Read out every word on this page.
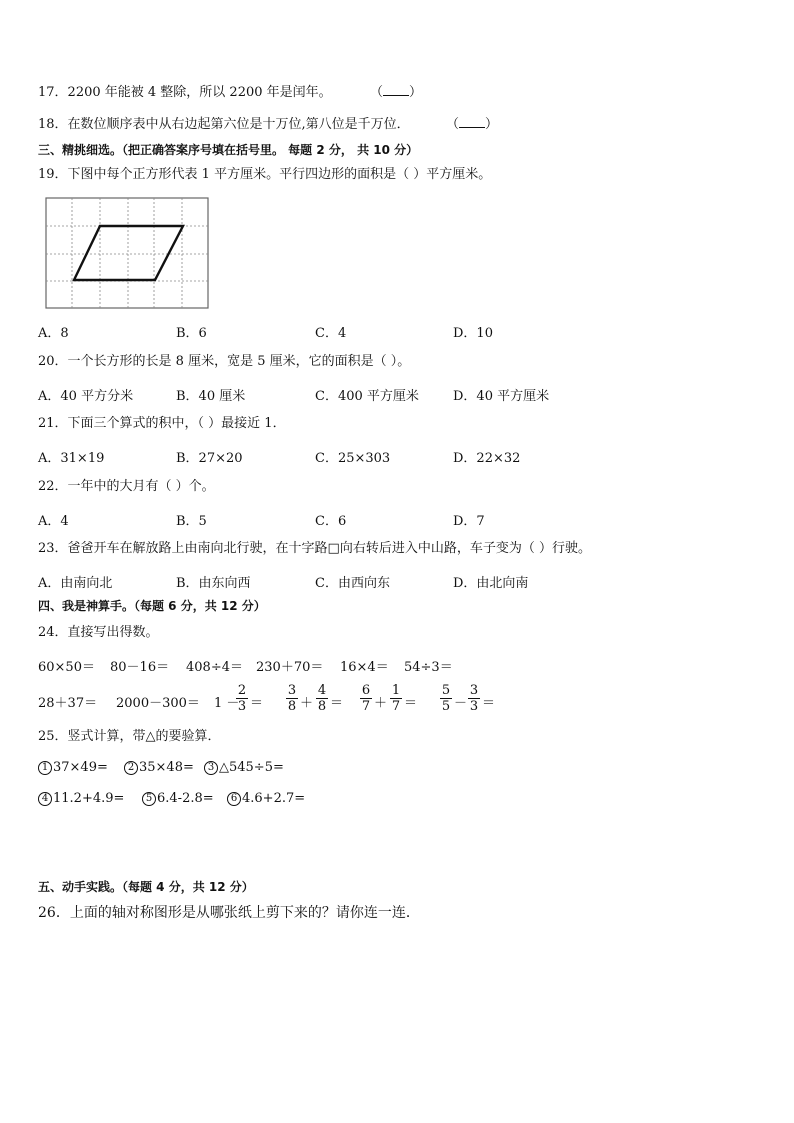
17．2200 年能被 4 整除，所以 2200 年是闰年。	（ ）
18．在数位顺序表中从右边起第六位是十万位,第八位是千万位．	（ ）
三、精挑细选。（把正确答案序号填在括号里。 每题 2 分， 共 10 分）
19．下图中每个正方形代表 1 平方厘米。平行四边形的面积是（ ）平方厘米。
A．8	B．6	C．4	D．10
20．一个长方形的长是 8 厘米，宽是 5 厘米，它的面积是（ ）。
A．40 平方分米	B．40 厘米	C．400 平方厘米	D．40 平方厘米
21．下面三个算式的积中，（ ）最接近 1．
A．31×19	B．27×20	C．25×303	D．22×32
22．一年中的大月有（ ）个。
A．4	B．5	C．6	D．7
23．爸爸开车在解放路上由南向北行驶，在十字路□向右转后进入中山路，车子变为（ ）行驶。
A．由南向北	B．由东向西	C．由西向东	D．由北向南
四、我是神算手。（每题 6 分，共 12 分）
24．直接写出得数。
60×50＝ 80－16＝ 408÷4＝ 230＋70＝ 16×4＝ 54÷3＝
28＋37＝ 2000－300＝ 1 －
2
3 ＝
3
8 ＋
4
8 ＝
6
7 ＋
1
7 ＝
5
5 －
3
3 ＝
25．竖式计算，带△的要验算．
1 37×49=	2 35×48=	3 △545÷5=
4 11.2+4.9=	5 6.4-2.8=	6 4.6+2.7=
五、动手实践。（每题 4 分，共 12 分）
26．上面的轴对称图形是从哪张纸上剪下来的？请你连一连．
